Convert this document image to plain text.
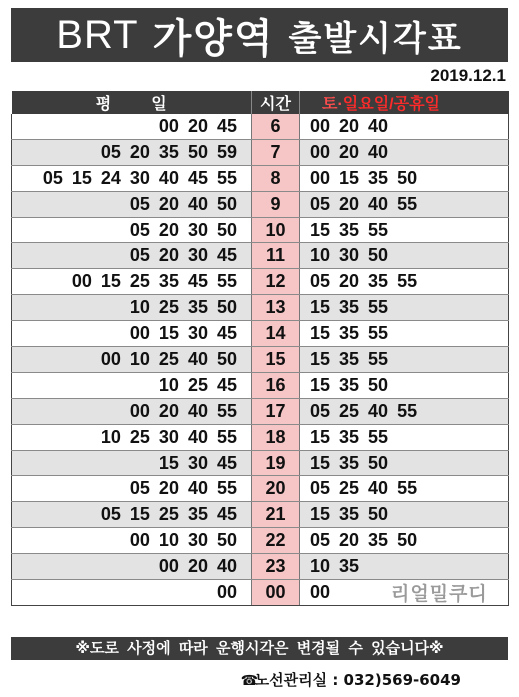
BRT 가양역 출발시각표
2019.12.1
평일	시간	토·일요일/공휴일
00 20 45	6	00 20 40
05 20 35 50 59	7	00 20 40
05 15 24 30 40 45 55	8	00 15 35 50
05 20 40 50	9	05 20 40 55
05 20 30 50	10	15 35 55
05 20 30 45	11	10 30 50
00 15 25 35 45 55	12	05 20 35 55
10 25 35 50	13	15 35 55
00 15 30 45	14	15 35 55
00 10 25 40 50	15	15 35 55
10 25 45	16	15 35 50
00 20 40 55	17	05 25 40 55
10 25 30 40 55	18	15 35 55
15 30 45	19	15 35 50
05 20 40 55	20	05 25 40 55
05 15 25 35 45	21	15 35 50
00 10 30 50	22	05 20 35 50
00 20 40	23	10 35
00	00	00	리얼밀쿠디
※도로 사정에 따라 운행시각은 변경될 수 있습니다※
☎노선관리실 : 032)569-6049
